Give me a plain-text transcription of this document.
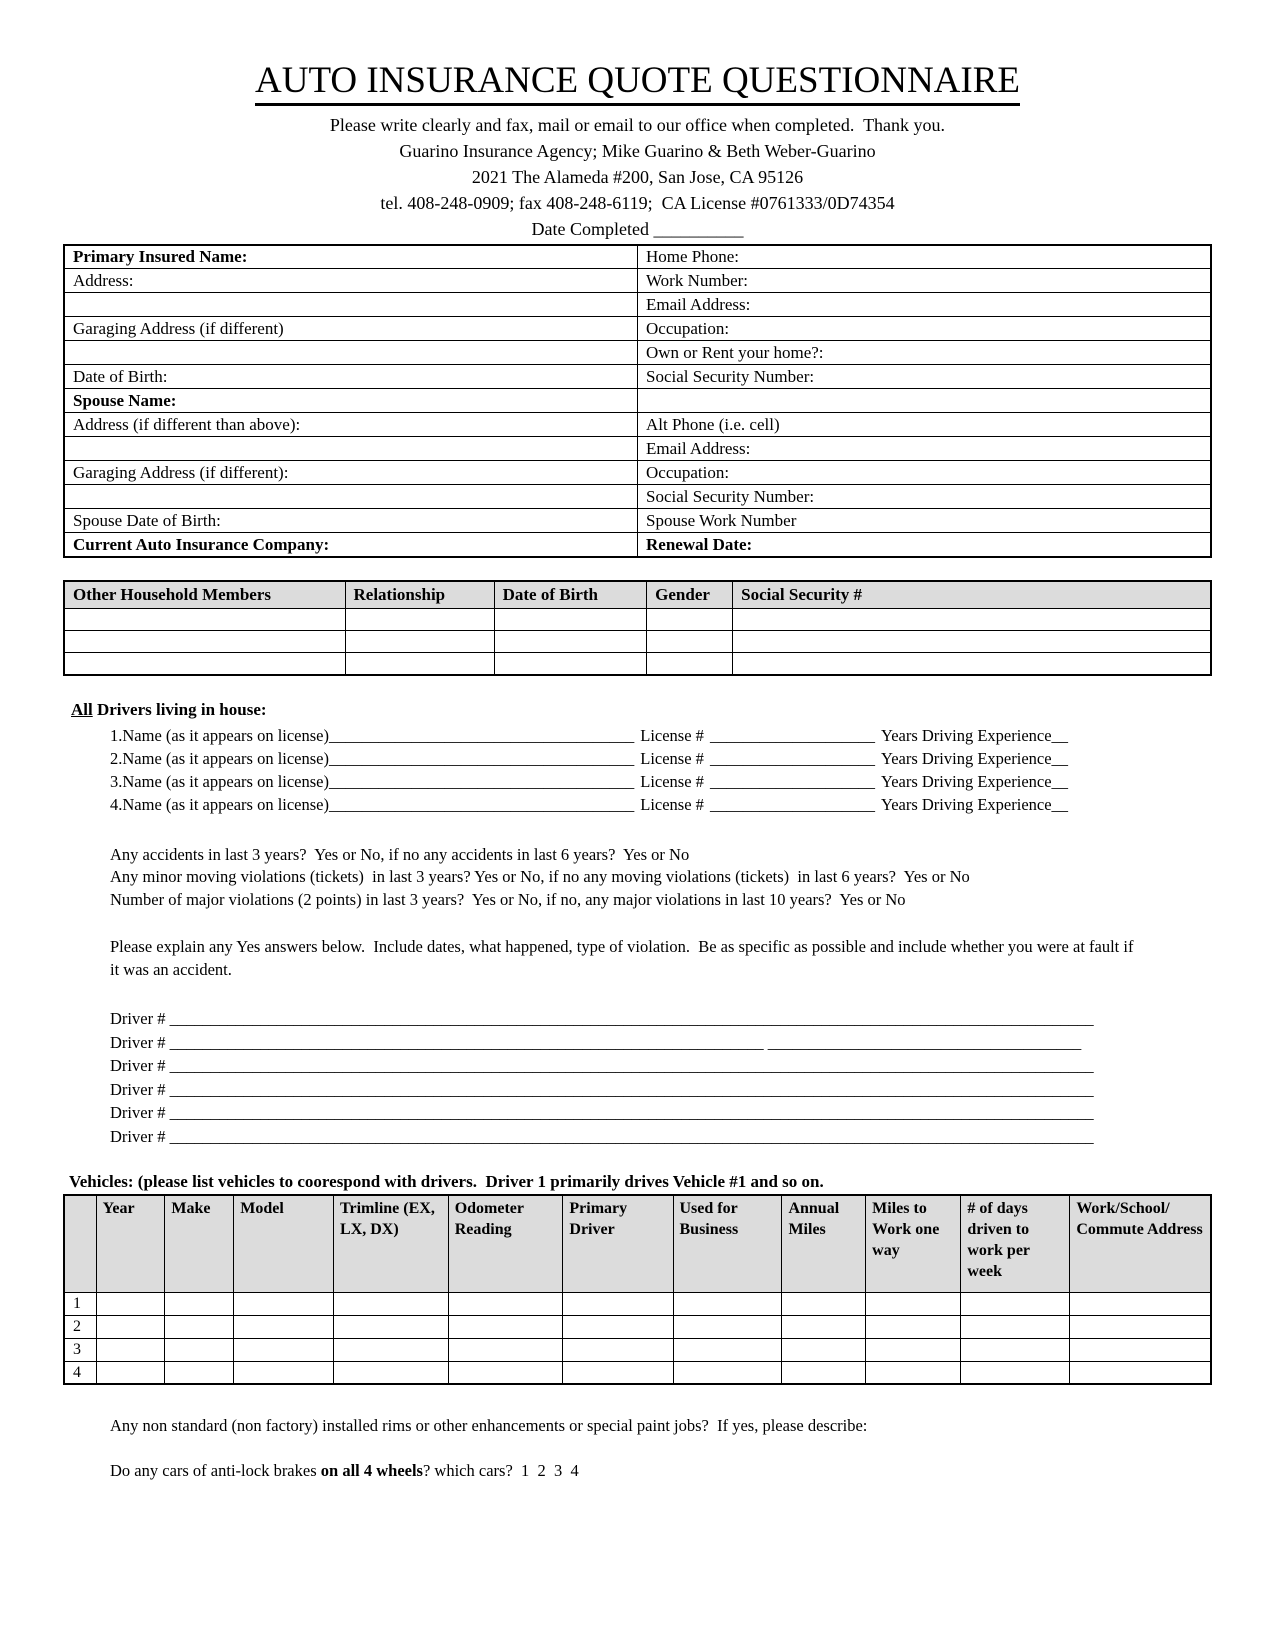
AUTO INSURANCE QUOTE QUESTIONNAIRE
Please write clearly and fax, mail or email to our office when completed.  Thank you.
Guarino Insurance Agency; Mike Guarino & Beth Weber-Guarino
2021 The Alameda #200, San Jose, CA 95126
tel. 408-248-0909; fax 408-248-6119;  CA License #0761333/0D74354
Date Completed __________
Primary Insured Name:	Home Phone:
Address:	Work Number:
	Email Address:
Garaging Address (if different)	Occupation:
	Own or Rent your home?:
Date of Birth:	Social Security Number:
Spouse Name:	
Address (if different than above):	Alt Phone (i.e. cell)
	Email Address:
Garaging Address (if different):	Occupation:
	Social Security Number:
Spouse Date of Birth:	Spouse Work Number
Current Auto Insurance Company:	Renewal Date:
Other Household Members	Relationship	Date of Birth	Gender	Social Security #

All Drivers living in house:
1.Name (as it appears on license)_____________________________________ License # ____________________ Years Driving Experience__
2.Name (as it appears on license)_____________________________________ License # ____________________ Years Driving Experience__
3.Name (as it appears on license)_____________________________________ License # ____________________ Years Driving Experience__
4.Name (as it appears on license)_____________________________________ License # ____________________ Years Driving Experience__
Any accidents in last 3 years?  Yes or No, if no any accidents in last 6 years?  Yes or No
Any minor moving violations (tickets)  in last 3 years? Yes or No, if no any moving violations (tickets)  in last 6 years?  Yes or No
Number of major violations (2 points) in last 3 years?  Yes or No, if no, any major violations in last 10 years?  Yes or No
Please explain any Yes answers below.  Include dates, what happened, type of violation.  Be as specific as possible and include whether you were at fault if it was an accident.
Driver # ________________________________________________________________________________________________________________
Driver # ________________________________________________________________________ ______________________________________
Driver # ________________________________________________________________________________________________________________
Driver # ________________________________________________________________________________________________________________
Driver # ________________________________________________________________________________________________________________
Driver # ________________________________________________________________________________________________________________
Vehicles: (please list vehicles to coorespond with drivers.  Driver 1 primarily drives Vehicle #1 and so on.
	Year	Make	Model	Trimline (EX, LX, DX)	Odometer Reading	Primary Driver	Used for Business	Annual Miles	Miles to Work one way	# of days driven to work per week	Work/School/ Commute Address
1											
2											
3											
4											
Any non standard (non factory) installed rims or other enhancements or special paint jobs?  If yes, please describe:
Do any cars of anti-lock brakes on all 4 wheels? which cars?  1  2  3  4
